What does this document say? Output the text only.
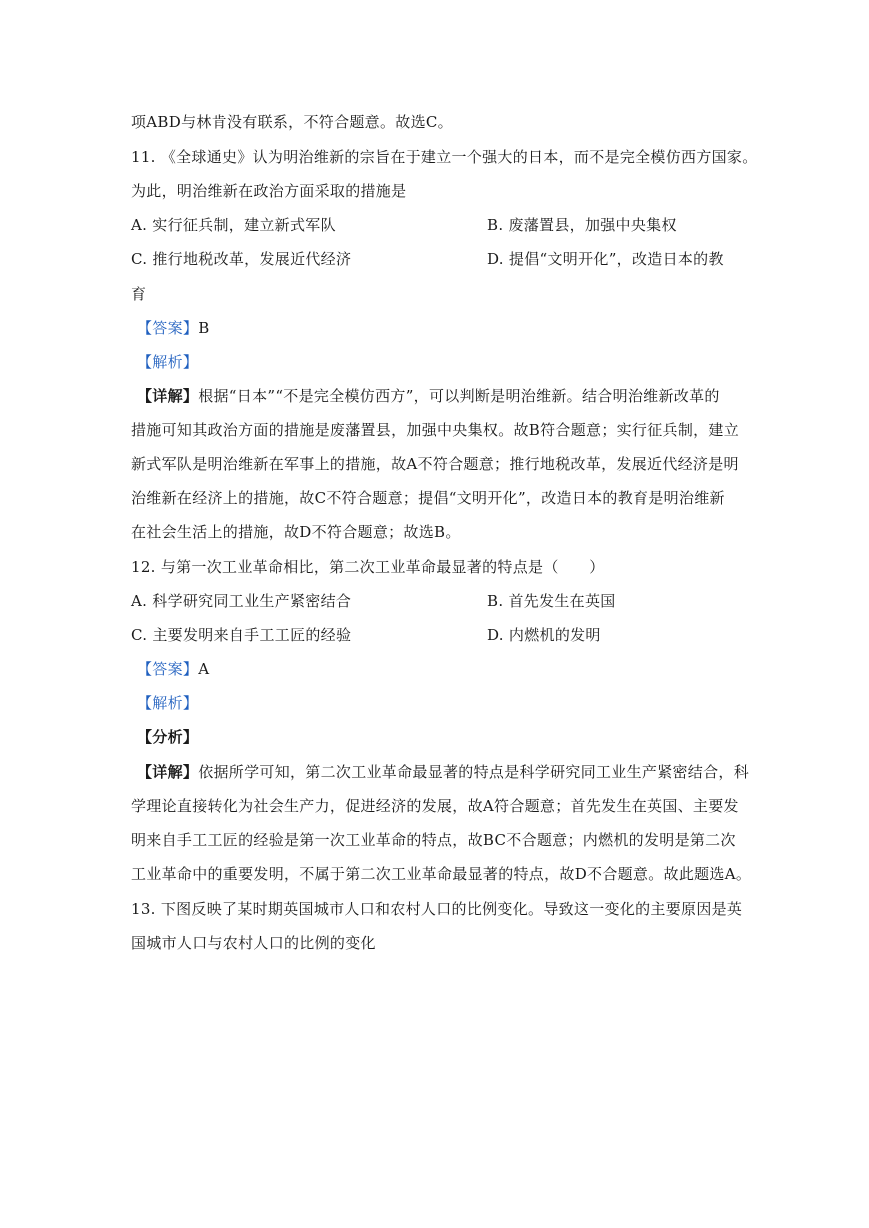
项ABD与林肯没有联系，不符合题意。故选C。
11. 《全球通史》认为明治维新的宗旨在于建立一个强大的日本，而不是完全模仿西方国家。
为此，明治维新在政治方面采取的措施是
A. 实行征兵制，建立新式军队	B. 废藩置县，加强中央集权
C. 推行地税改革，发展近代经济	D. 提倡“文明开化”，改造日本的教
育
【答案】B
【解析】
【详解】根据“日本”“不是完全模仿西方”，可以判断是明治维新。结合明治维新改革的
措施可知其政治方面的措施是废藩置县，加强中央集权。故B符合题意；实行征兵制，建立
新式军队是明治维新在军事上的措施，故A不符合题意；推行地税改革，发展近代经济是明
治维新在经济上的措施，故C不符合题意；提倡“文明开化”，改造日本的教育是明治维新
在社会生活上的措施，故D不符合题意；故选B。
12. 与第一次工业革命相比，第二次工业革命最显著的特点是（　　）
A. 科学研究同工业生产紧密结合	B. 首先发生在英国
C. 主要发明来自手工工匠的经验	D. 内燃机的发明
【答案】A
【解析】
【分析】
【详解】依据所学可知，第二次工业革命最显著的特点是科学研究同工业生产紧密结合，科
学理论直接转化为社会生产力，促进经济的发展，故A符合题意；首先发生在英国、主要发
明来自手工工匠的经验是第一次工业革命的特点，故BC不合题意；内燃机的发明是第二次
工业革命中的重要发明，不属于第二次工业革命最显著的特点，故D不合题意。故此题选A。
13. 下图反映了某时期英国城市人口和农村人口的比例变化。导致这一变化的主要原因是英
国城市人口与农村人口的比例的变化
